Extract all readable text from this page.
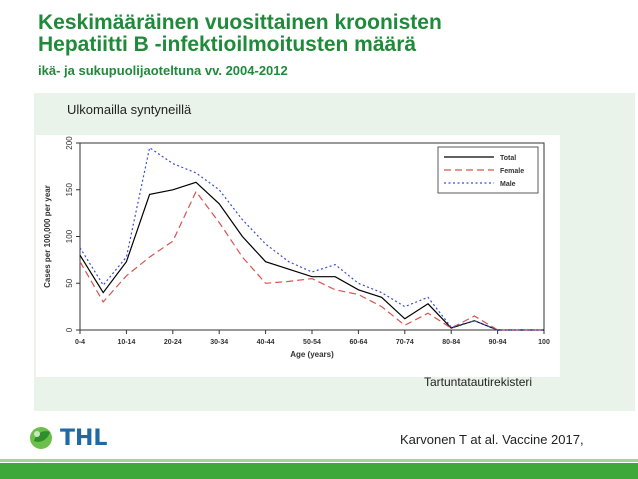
Keskimääräinen vuosittainen kroonisten
Hepatiitti B -infektioilmoitusten määrä

ikä- ja sukupuolijaoteltuna vv. 2004-2012

Ulkomailla syntyneillä
0
50
100
150
200
0-4	10-14	20-24	30-34	40-44	50-54	60-64	70-74	80-84	90-94	100
Age (years)
Cases per 100,000 per year
Total
Female
Male
Tartuntatautirekisteri
Karvonen T at al. Vaccine 2017,
THL
